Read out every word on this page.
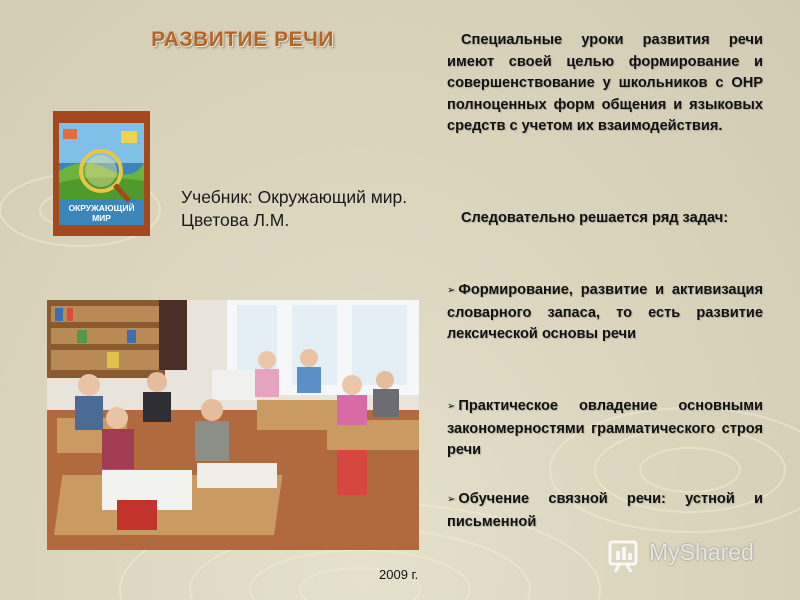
РАЗВИТИЕ РЕЧИ
ОКРУЖАЮЩИЙ
МИР
Учебник: Окружающий мир. Цветова Л.М.

Специальные уроки развития речи имеют своей целью формирование и совершенствование у школьников с ОНР полноценных форм общения и языковых средств с учетом их взаимодействия.

Следовательно решается ряд задач:

➢ Формирование, развитие и активизация словарного запаса, то есть развитие лексической основы речи

➢ Практическое овладение основными закономерностями грамматического строя речи

➢ Обучение связной речи: устной и письменной

2009 г.
MyShared
